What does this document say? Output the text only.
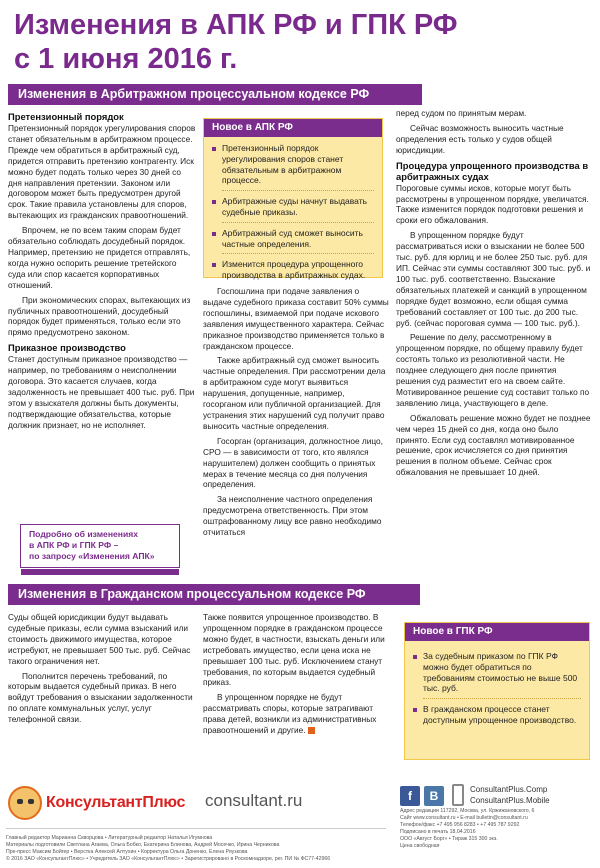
Изменения в АПК РФ и ГПК РФ
с 1 июня 2016 г.
Изменения в Арбитражном процессуальном кодексе РФ
Претензионный порядок

Претензионный порядок урегулирования споров станет обязательным в арбитражном процессе. Прежде чем обратиться в арбитражный суд, придется отправить претензию контрагенту. Иск можно будет подать только через 30 дней со дня направления претензии. Законом или договором может быть предусмотрен другой срок. Такие правила установлены для споров, вытекающих из гражданских правоотношений.

Впрочем, не по всем таким спорам будет обязательно соблюдать досудебный порядок. Например, претензию не придется отправлять, когда нужно оспорить решение третейского суда или спор касается корпоративных отношений.

При экономических спорах, вытекающих из публичных правоотношений, досудебный порядок будет применяться, только если это прямо предусмотрено законом.

Приказное производство

Станет доступным приказное производство — например, по требованиям о неисполнении договора. Это касается случаев, когда задолженность не превышает 400 тыс. руб. При этом у взыскателя должны быть документы, подтверждающие обязательства, которые должник признает, но не исполняет.

Новое в АПК РФ
Претензионный порядок урегулирования споров станет обязательным в арбитражном процессе.
Арбитражные суды начнут выдавать судебные приказы.
Арбитражный суд сможет выносить частные определения.
Изменится процедура упрощенного производства в арбитражных судах.
Подробно об изменениях
в АПК РФ и ГПК РФ –
по запросу «Изменения АПК»

Госпошлина при подаче заявления о выдаче судебного приказа составит 50% суммы госпошлины, взимаемой при подаче искового заявления имущественного характера. Сейчас приказное производство применяется только в гражданском процессе.

Также арбитражный суд сможет выносить частные определения. При рассмотрении дела в арбитражном суде могут выявиться нарушения, допущенные, например, госорганом или публичной организацией. Для устранения этих нарушений суд получит право выносить частные определения.

Госорган (организация, должностное лицо, СРО — в зависимости от того, кто являлся нарушителем) должен сообщить о принятых мерах в течение месяца со дня получения определения.

За неисполнение частного определения предусмотрена ответственность. При этом оштрафованному лицу все равно необходимо отчитаться

перед судом по принятым мерам.

Сейчас возможность выносить частные определения есть только у судов общей юрисдикции.

Процедура упрощенного производства в арбитражных судах

Пороговые суммы исков, которые могут быть рассмотрены в упрощенном порядке, увеличатся. Также изменится порядок подготовки решения и сроки его обжалования.

В упрощенном порядке будут рассматриваться иски о взыскании не более 500 тыс. руб. для юрлиц и не более 250 тыс. руб. для ИП. Сейчас эти суммы составляют 300 тыс. руб. и 100 тыс. руб. соответственно. Взыскание обязательных платежей и санкций в упрощенном порядке будет возможно, если общая сумма требований составляет от 100 тыс. до 200 тыс. руб. (сейчас пороговая сумма — 100 тыс. руб.).

Решение по делу, рассмотренному в упрощенном порядке, по общему правилу будет состоять только из резолютивной части. Не позднее следующего дня после принятия решения суд разместит его на своем сайте. Мотивированное решение суд составит только по заявлению лица, участвующего в деле.

Обжаловать решение можно будет не позднее чем через 15 дней со дня, когда оно было принято. Если суд составлял мотивированное решение, срок исчисляется со дня принятия решения в полном объеме. Сейчас срок обжалования не превышает 10 дней.

Изменения в Гражданском процессуальном кодексе РФ

Суды общей юрисдикции будут выдавать судебные приказы, если сумма взысканий или стоимость движимого имущества, которое истребуют, не превышает 500 тыс. руб. Сейчас такого ограничения нет.

Пополнится перечень требований, по которым выдается судебный приказ. В него войдут требования о взыскании задолженности по оплате коммунальных услуг, услуг телефонной связи.

Также появится упрощенное производство. В упрощенном порядке в гражданском процессе можно будет, в частности, взыскать деньги или истребовать имущество, если цена иска не превышает 100 тыс. руб. Исключением станут требования, по которым выдается судебный приказ.

В упрощенном порядке не будут рассматривать споры, которые затрагивают права детей, возникли из административных правоотношений и другие.

Новое в ГПК РФ
За судебным приказом по ГПК РФ можно будет обратиться по требованиям стоимостью не выше 500 тыс. руб.
В гражданском процессе станет доступным упрощенное производство.
КонсультантПлюс consultant.ru	f	В	ConsultantPlus.Comp
ConsultantPlus.Mobile
Главный редактор Марианна Скворцова • Литературный редактор Наталья Игумнова
Материалы подготовили Светлана Агаева, Ольга Бобко, Екатерина Блинова, Андрей Мосечко, Ирина Черникова
Пре-пресс Максим Бойгер • Верстка Алексей Алтухин • Корректура Ольга Доненко, Елена Ряузкова
© 2016 ЗАО «КонсультантПлюс» • Учредитель ЗАО «КонсультантПлюс» • Зарегистрировано в Роскомнадзоре, рег. ПИ № ФС77-42966
Адрес редакции 117292, Москва, ул. Кржижановского, 6
Сайт www.consultant.ru • E-mail bulletin@consultant.ru
Телефон/факс +7 495 956 8283 • +7 495 787 9292
Подписано в печать 18.04.2016
ООО «Август Борг» • Тираж 315 300 экз.
Цена свободная
